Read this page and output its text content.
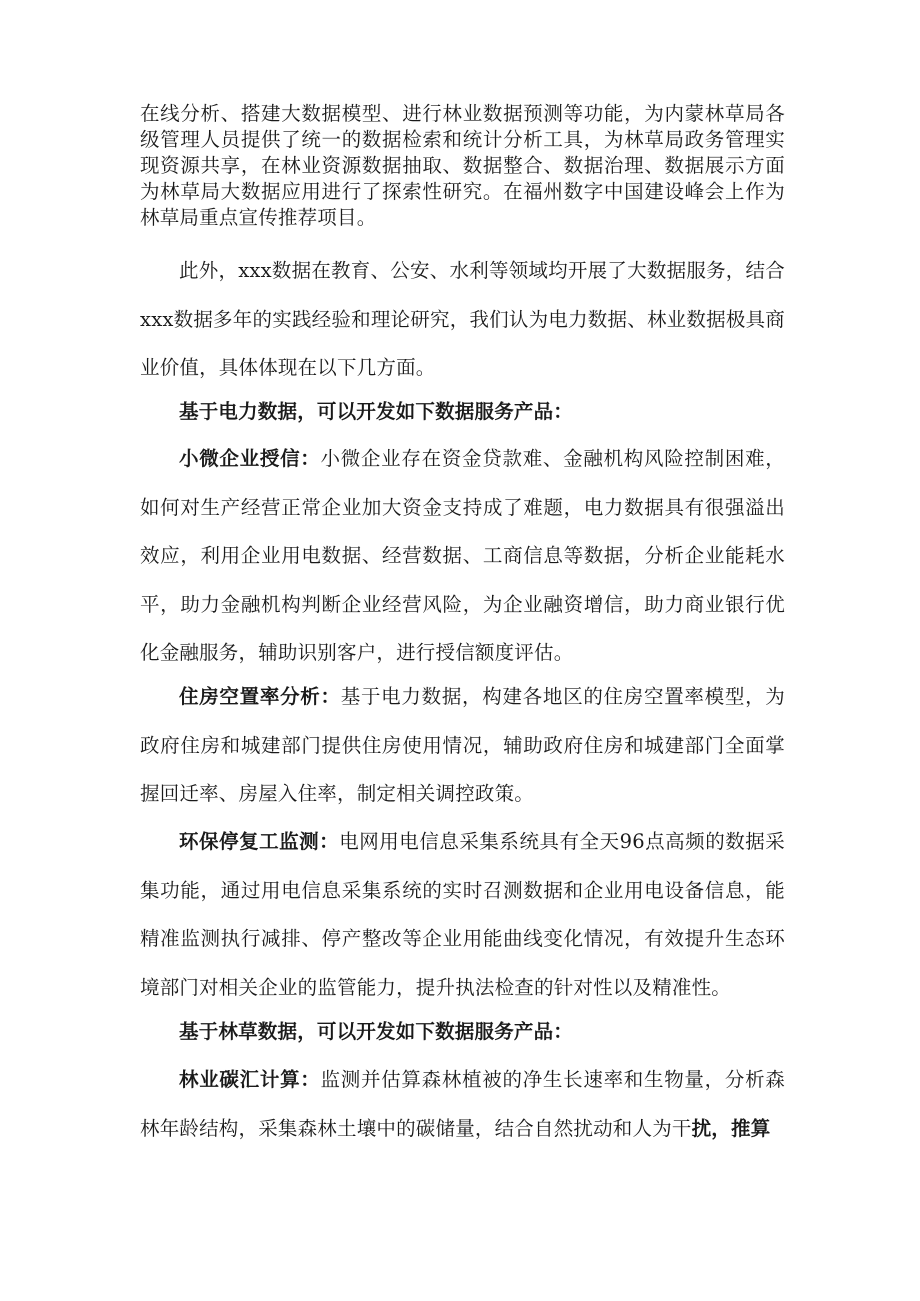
在线分析、搭建大数据模型、进行林业数据预测等功能，为内蒙林草局各级管理人员提供了统一的数据检索和统计分析工具，为林草局政务管理实现资源共享，在林业资源数据抽取、数据整合、数据治理、数据展示方面为林草局大数据应用进行了探索性研究。在福州数字中国建设峰会上作为林草局重点宣传推荐项目。

此外，xxx数据在教育、公安、水利等领域均开展了大数据服务，结合xxx数据多年的实践经验和理论研究，我们认为电力数据、林业数据极具商业价值，具体体现在以下几方面。

基于电力数据，可以开发如下数据服务产品：

小微企业授信：小微企业存在资金贷款难、金融机构风险控制困难，如何对生产经营正常企业加大资金支持成了难题，电力数据具有很强溢出效应，利用企业用电数据、经营数据、工商信息等数据，分析企业能耗水平，助力金融机构判断企业经营风险，为企业融资增信，助力商业银行优化金融服务，辅助识别客户，进行授信额度评估。

住房空置率分析：基于电力数据，构建各地区的住房空置率模型，为政府住房和城建部门提供住房使用情况，辅助政府住房和城建部门全面掌握回迁率、房屋入住率，制定相关调控政策。

环保停复工监测：电网用电信息采集系统具有全天96点高频的数据采集功能，通过用电信息采集系统的实时召测数据和企业用电设备信息，能精准监测执行减排、停产整改等企业用能曲线变化情况，有效提升生态环境部门对相关企业的监管能力，提升执法检查的针对性以及精准性。

基于林草数据，可以开发如下数据服务产品：

林业碳汇计算：监测并估算森林植被的净生长速率和生物量，分析森林年龄结构，采集森林土壤中的碳储量，结合自然扰动和人为干扰，推算
